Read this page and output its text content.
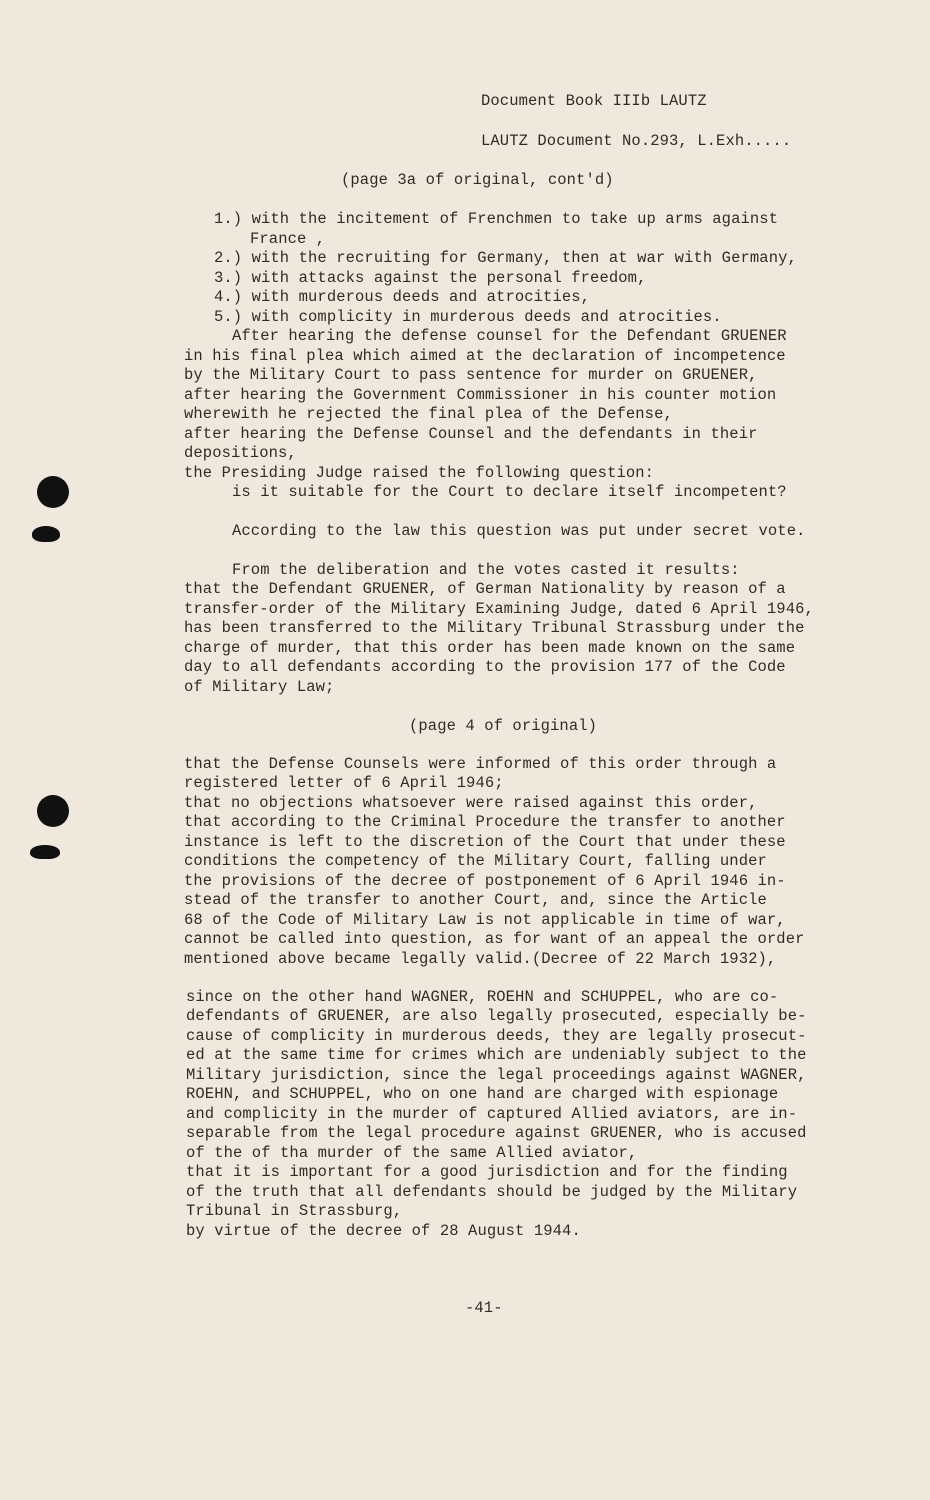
Document Book IIIb LAUTZ
LAUTZ Document No.293, L.Exh.....
(page 3a of original, cont'd)
1.) with the incitement of Frenchmen to take up arms against
France ,
2.) with the recruiting for Germany, then at war with Germany,
3.) with attacks against the personal freedom,
4.) with murderous deeds and atrocities,
5.) with complicity in murderous deeds and atrocities.
After hearing the defense counsel for the Defendant GRUENER
in his final plea which aimed at the declaration of incompetence
by the Military Court to pass sentence for murder on GRUENER,
after hearing the Government Commissioner in his counter motion
wherewith he rejected the final plea of the Defense,
after hearing the Defense Counsel and the defendants in their
depositions,
the Presiding Judge raised the following question:
is it suitable for the Court to declare itself incompetent?
According to the law this question was put under secret vote.
From the deliberation and the votes casted it results:
that the Defendant GRUENER, of German Nationality by reason of a
transfer-order of the Military Examining Judge, dated 6 April 1946,
has been transferred to the Military Tribunal Strassburg under the
charge of murder, that this order has been made known on the same
day to all defendants according to the provision 177 of the Code
of Military Law;
(page 4 of original)
that the Defense Counsels were informed of this order through a
registered letter of 6 April 1946;
that no objections whatsoever were raised against this order,
that according to the Criminal Procedure the transfer to another
instance is left to the discretion of the Court that under these
conditions the competency of the Military Court, falling under
the provisions of the decree of postponement of 6 April 1946 in-
stead of the transfer to another Court, and, since the Article
68 of the Code of Military Law is not applicable in time of war,
cannot be called into question, as for want of an appeal the order
mentioned above became legally valid.(Decree of 22 March 1932),
since on the other hand WAGNER, ROEHN and SCHUPPEL, who are co-
defendants of GRUENER, are also legally prosecuted, especially be-
cause of complicity in murderous deeds, they are legally prosecut-
ed at the same time for crimes which are undeniably subject to the
Military jurisdiction, since the legal proceedings against WAGNER,
ROEHN, and SCHUPPEL, who on one hand are charged with espionage
and complicity in the murder of captured Allied aviators, are in-
separable from the legal procedure against GRUENER, who is accused
of the of tha murder of the same Allied aviator,
that it is important for a good jurisdiction and for the finding
of the truth that all defendants should be judged by the Military
Tribunal in Strassburg,
by virtue of the decree of 28 August 1944.
-41-
